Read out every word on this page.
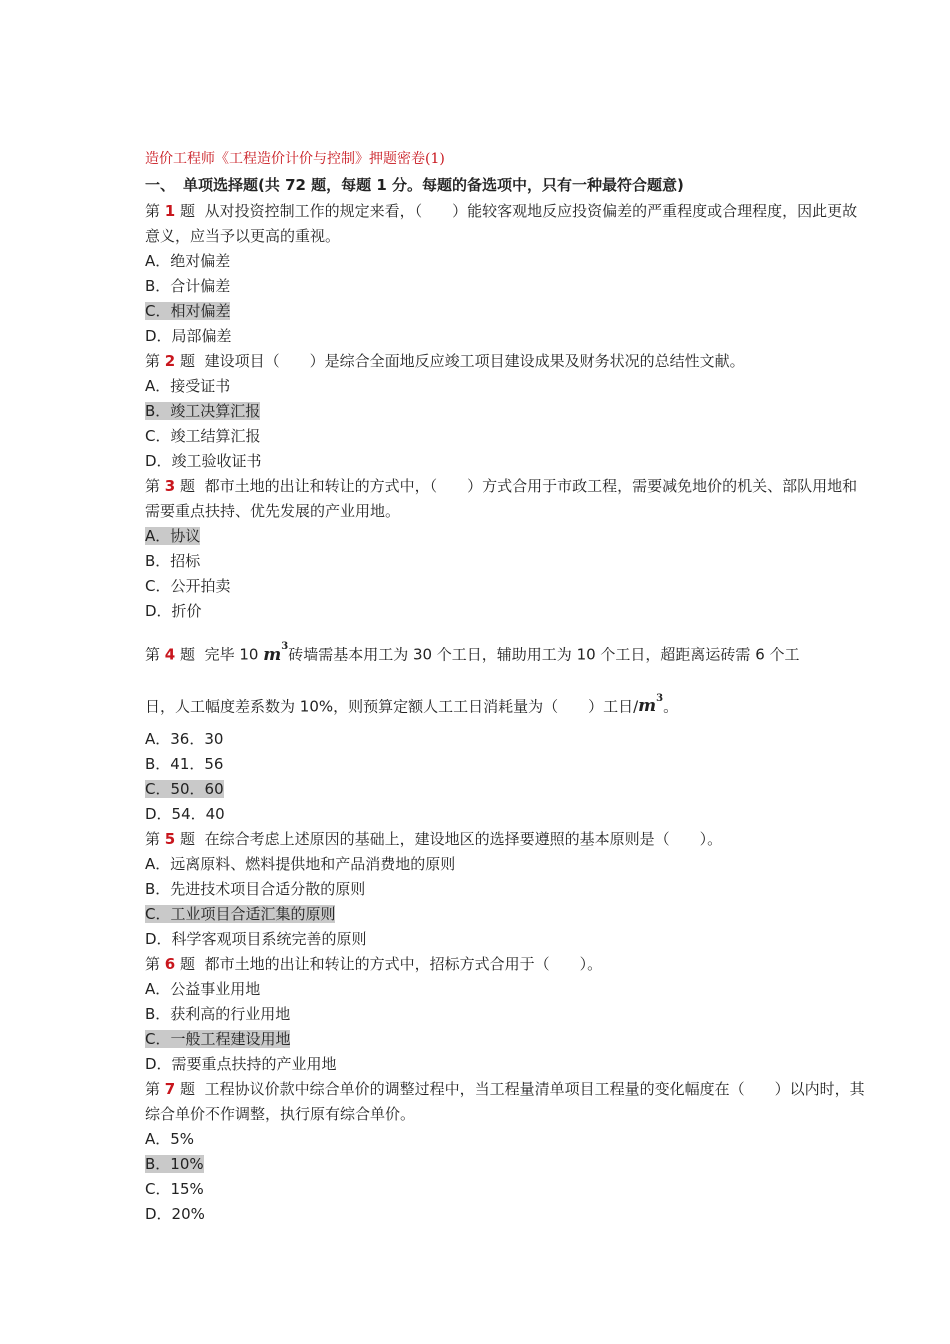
造价工程师《工程造价计价与控制》押题密卷(1)

一、 单项选择题(共 72 题，每题 1 分。每题的备选项中，只有一种最符合题意)

第 1 题 从对投资控制工作的规定来看，（　　）能较客观地反应投资偏差的严重程度或合理程度，因此更故意义，应当予以更高的重视。

A．绝对偏差

B．合计偏差

C．相对偏差

D．局部偏差

第 2 题 建设项目（　　）是综合全面地反应竣工项目建设成果及财务状况的总结性文献。

A．接受证书

B．竣工决算汇报

C．竣工结算汇报

D．竣工验收证书

第 3 题 都市土地的出让和转让的方式中，（　　）方式合用于市政工程，需要减免地价的机关、部队用地和需要重点扶持、优先发展的产业用地。

A．协议

B．招标

C．公开拍卖

D．折价

第 4 题 完毕 10 $m^3$砖墙需基本用工为 30 个工日，辅助用工为 10 个工日，超距离运砖需 6 个工

日，人工幅度差系数为 10%，则预算定额人工工日消耗量为（　　）工日$/m^3$。

A．36．30

B．41．56

C．50．60

D．54．40

第 5 题 在综合考虑上述原因的基础上，建设地区的选择要遵照的基本原则是（　　）。

A．远离原料、燃料提供地和产品消费地的原则

B．先进技术项目合适分散的原则

C．工业项目合适汇集的原则

D．科学客观项目系统完善的原则

第 6 题 都市土地的出让和转让的方式中，招标方式合用于（　　）。

A．公益事业用地

B．获利高的行业用地

C．一般工程建设用地

D．需要重点扶持的产业用地

第 7 题 工程协议价款中综合单价的调整过程中，当工程量清单项目工程量的变化幅度在（　　）以内时，其综合单价不作调整，执行原有综合单价。

A．5%

B．10%

C．15%

D．20%
